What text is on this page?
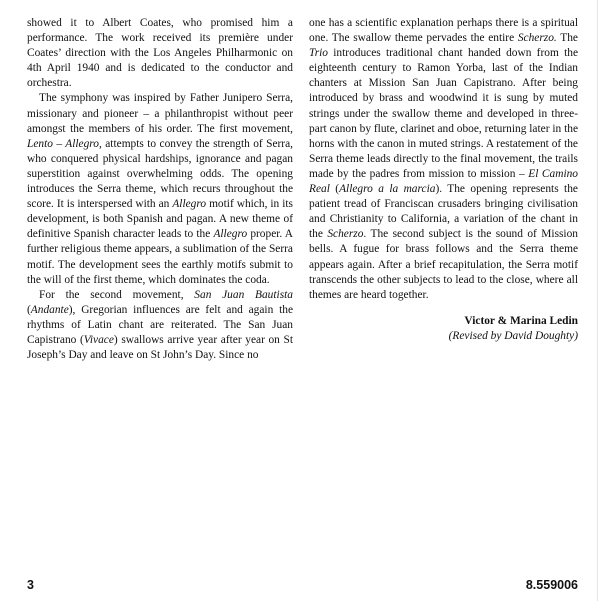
showed it to Albert Coates, who promised him a performance. The work received its première under Coates’ direction with the Los Angeles Philharmonic on 4th April 1940 and is dedicated to the conductor and orchestra.

The symphony was inspired by Father Junipero Serra, missionary and pioneer – a philanthropist without peer amongst the members of his order. The first movement, Lento – Allegro, attempts to convey the strength of Serra, who conquered physical hardships, ignorance and pagan superstition against overwhelming odds. The opening introduces the Serra theme, which recurs throughout the score. It is interspersed with an Allegro motif which, in its development, is both Spanish and pagan. A new theme of definitive Spanish character leads to the Allegro proper. A further religious theme appears, a sublimation of the Serra motif. The development sees the earthly motifs submit to the will of the first theme, which dominates the coda.

For the second movement, San Juan Bautista (Andante), Gregorian influences are felt and again the rhythms of Latin chant are reiterated. The San Juan Capistrano (Vivace) swallows arrive year after year on St Joseph’s Day and leave on St John’s Day. Since no

one has a scientific explanation perhaps there is a spiritual one. The swallow theme pervades the entire Scherzo. The Trio introduces traditional chant handed down from the eighteenth century to Ramon Yorba, last of the Indian chanters at Mission San Juan Capistrano. After being introduced by brass and woodwind it is sung by muted strings under the swallow theme and developed in three-part canon by flute, clarinet and oboe, returning later in the horns with the canon in muted strings. A restatement of the Serra theme leads directly to the final movement, the trails made by the padres from mission to mission – El Camino Real (Allegro a la marcia). The opening represents the patient tread of Franciscan crusaders bringing civilisation and Christianity to California, a variation of the chant in the Scherzo. The second subject is the sound of Mission bells. A fugue for brass follows and the Serra theme appears again. After a brief recapitulation, the Serra motif transcends the other subjects to lead to the close, where all themes are heard together.

Victor & Marina Ledin
(Revised by David Doughty)
3	8.559006
